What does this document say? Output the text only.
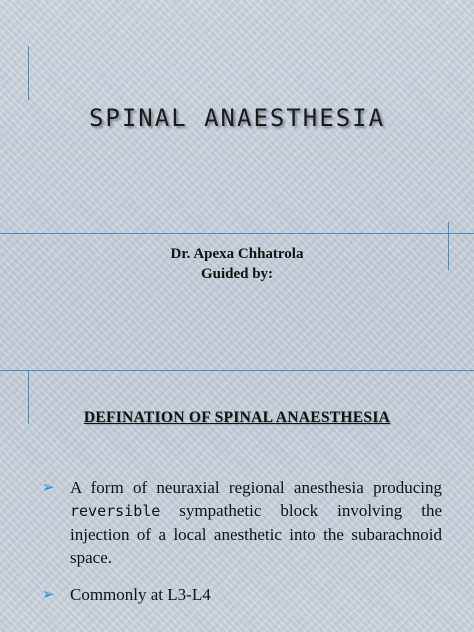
SPINAL ANAESTHESIA
Dr. Apexa Chhatrola
Guided by:
DEFINATION OF SPINAL ANAESTHESIA
➢ A form of neuraxial regional anesthesia producing reversible sympathetic block involving the injection of a local anesthetic into the subarachnoid space.
➢ Commonly at L3-L4
